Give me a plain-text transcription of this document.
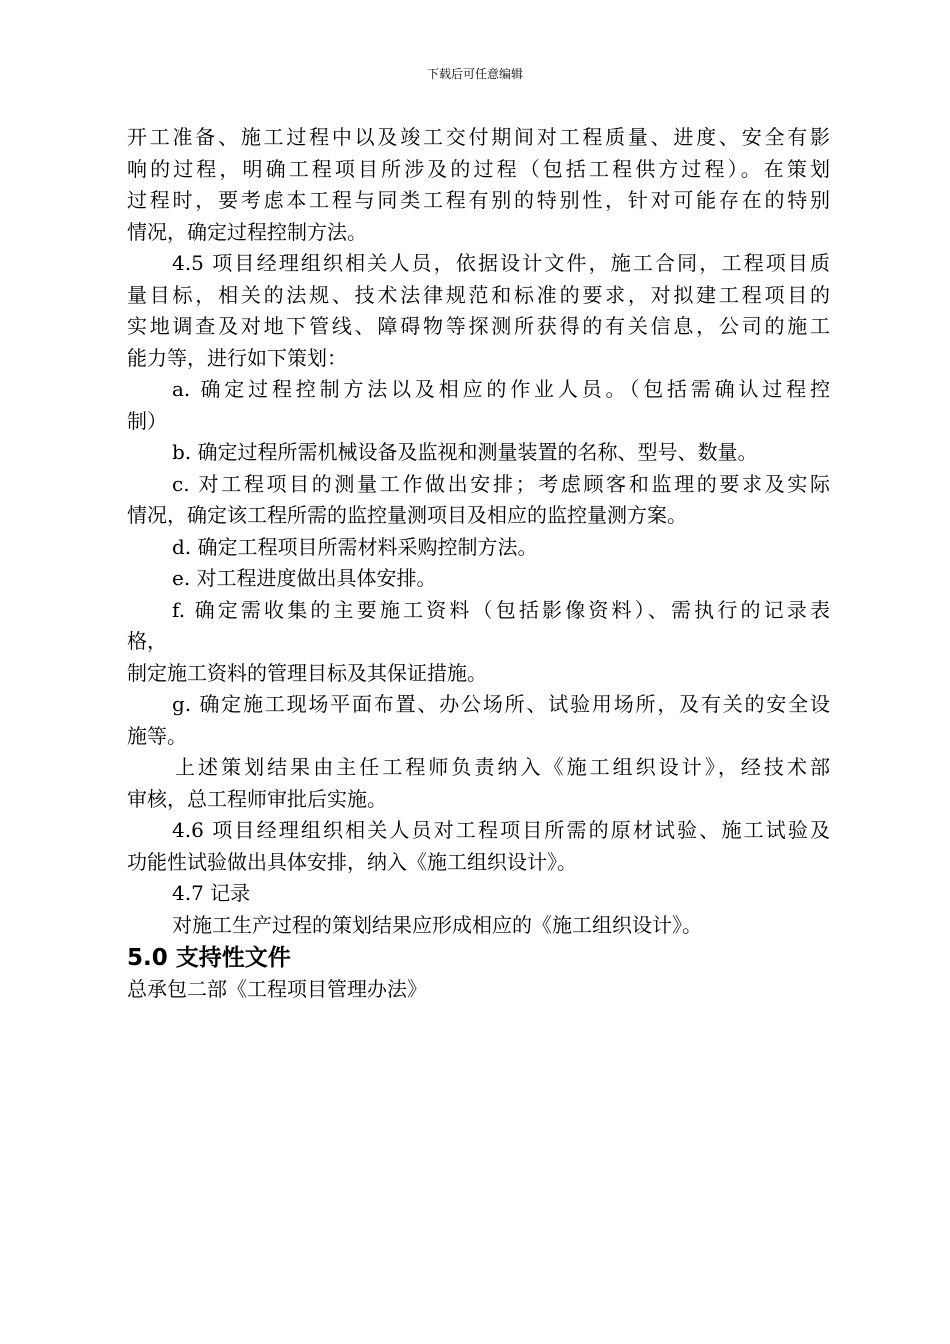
下载后可任意编辑
开工准备、施工过程中以及竣工交付期间对工程质量、进度、安全有影
响的过程，明确工程项目所涉及的过程（包括工程供方过程）。在策划
过程时，要考虑本工程与同类工程有别的特别性，针对可能存在的特别
情况，确定过程控制方法。
4.5 项目经理组织相关人员，依据设计文件，施工合同，工程项目质
量目标，相关的法规、技术法律规范和标准的要求，对拟建工程项目的
实地调查及对地下管线、障碍物等探测所获得的有关信息，公司的施工
能力等，进行如下策划：
a. 确定过程控制方法以及相应的作业人员。（包括需确认过程控
制）
b. 确定过程所需机械设备及监视和测量装置的名称、型号、数量。
c. 对工程项目的测量工作做出安排；考虑顾客和监理的要求及实际
情况，确定该工程所需的监控量测项目及相应的监控量测方案。
d. 确定工程项目所需材料采购控制方法。
e. 对工程进度做出具体安排。
f. 确定需收集的主要施工资料（包括影像资料）、需执行的记录表
格，
制定施工资料的管理目标及其保证措施。
g. 确定施工现场平面布置、办公场所、试验用场所，及有关的安全设
施等。
上述策划结果由主任工程师负责纳入《施工组织设计》，经技术部
审核，总工程师审批后实施。
4.6 项目经理组织相关人员对工程项目所需的原材试验、施工试验及
功能性试验做出具体安排，纳入《施工组织设计》。
4.7 记录
对施工生产过程的策划结果应形成相应的《施工组织设计》。
5.0 支持性文件
总承包二部《工程项目管理办法》
